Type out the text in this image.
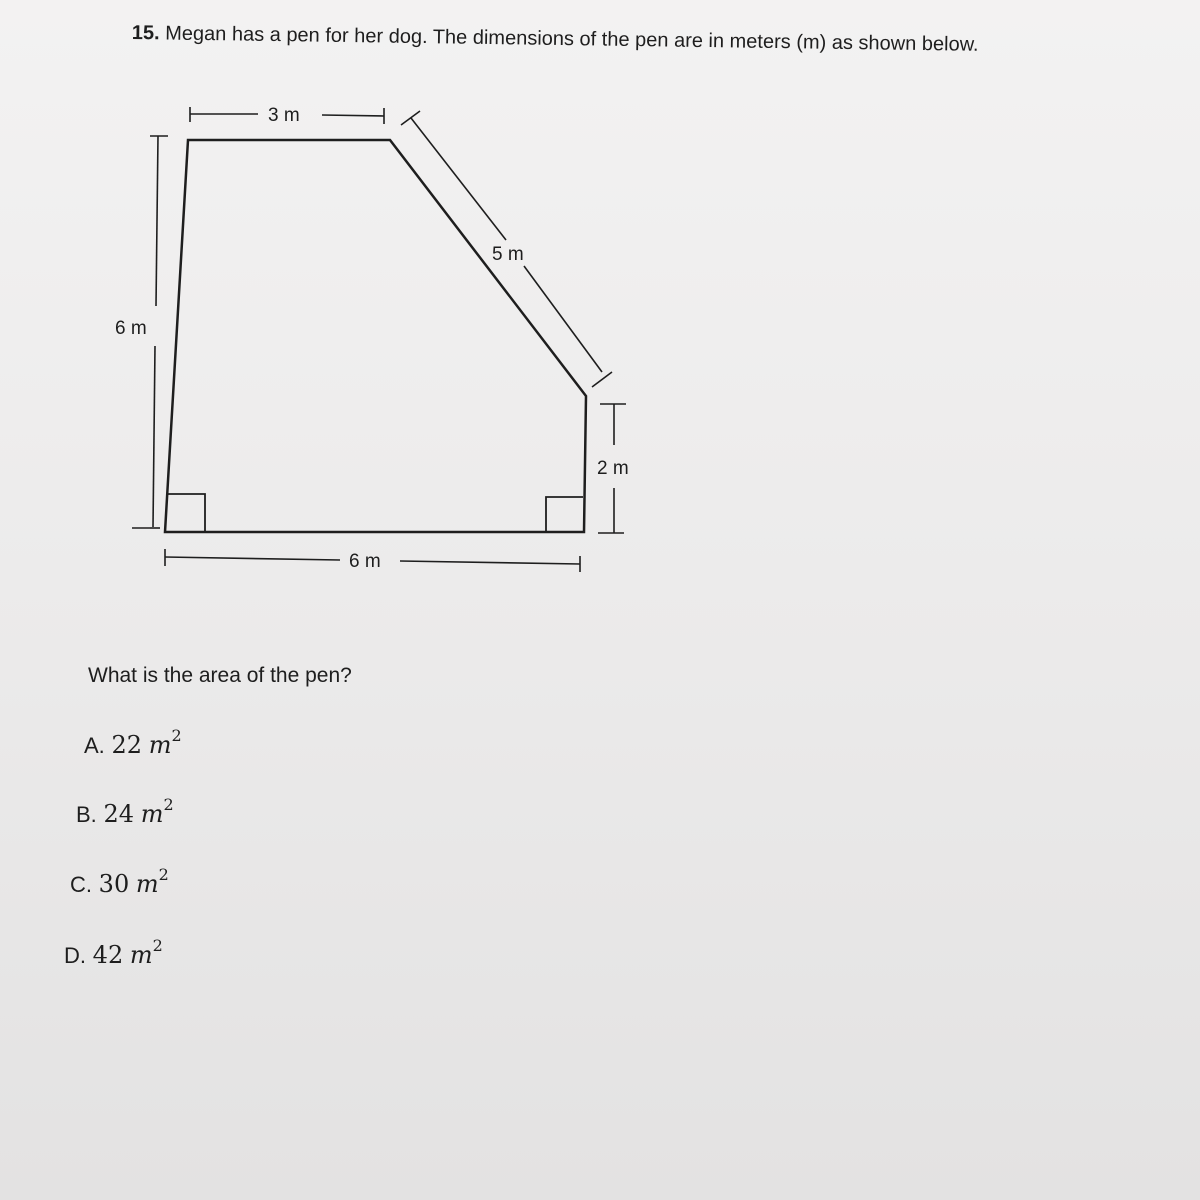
15. Megan has a pen for her dog. The dimensions of the pen are in meters (m) as shown below.
3 m
6 m
5 m
2 m
6 m
What is the area of the pen?
A. 22 $m^2$
B. 24 $m^2$
C. 30 $m^2$
D. 42 $m^2$
